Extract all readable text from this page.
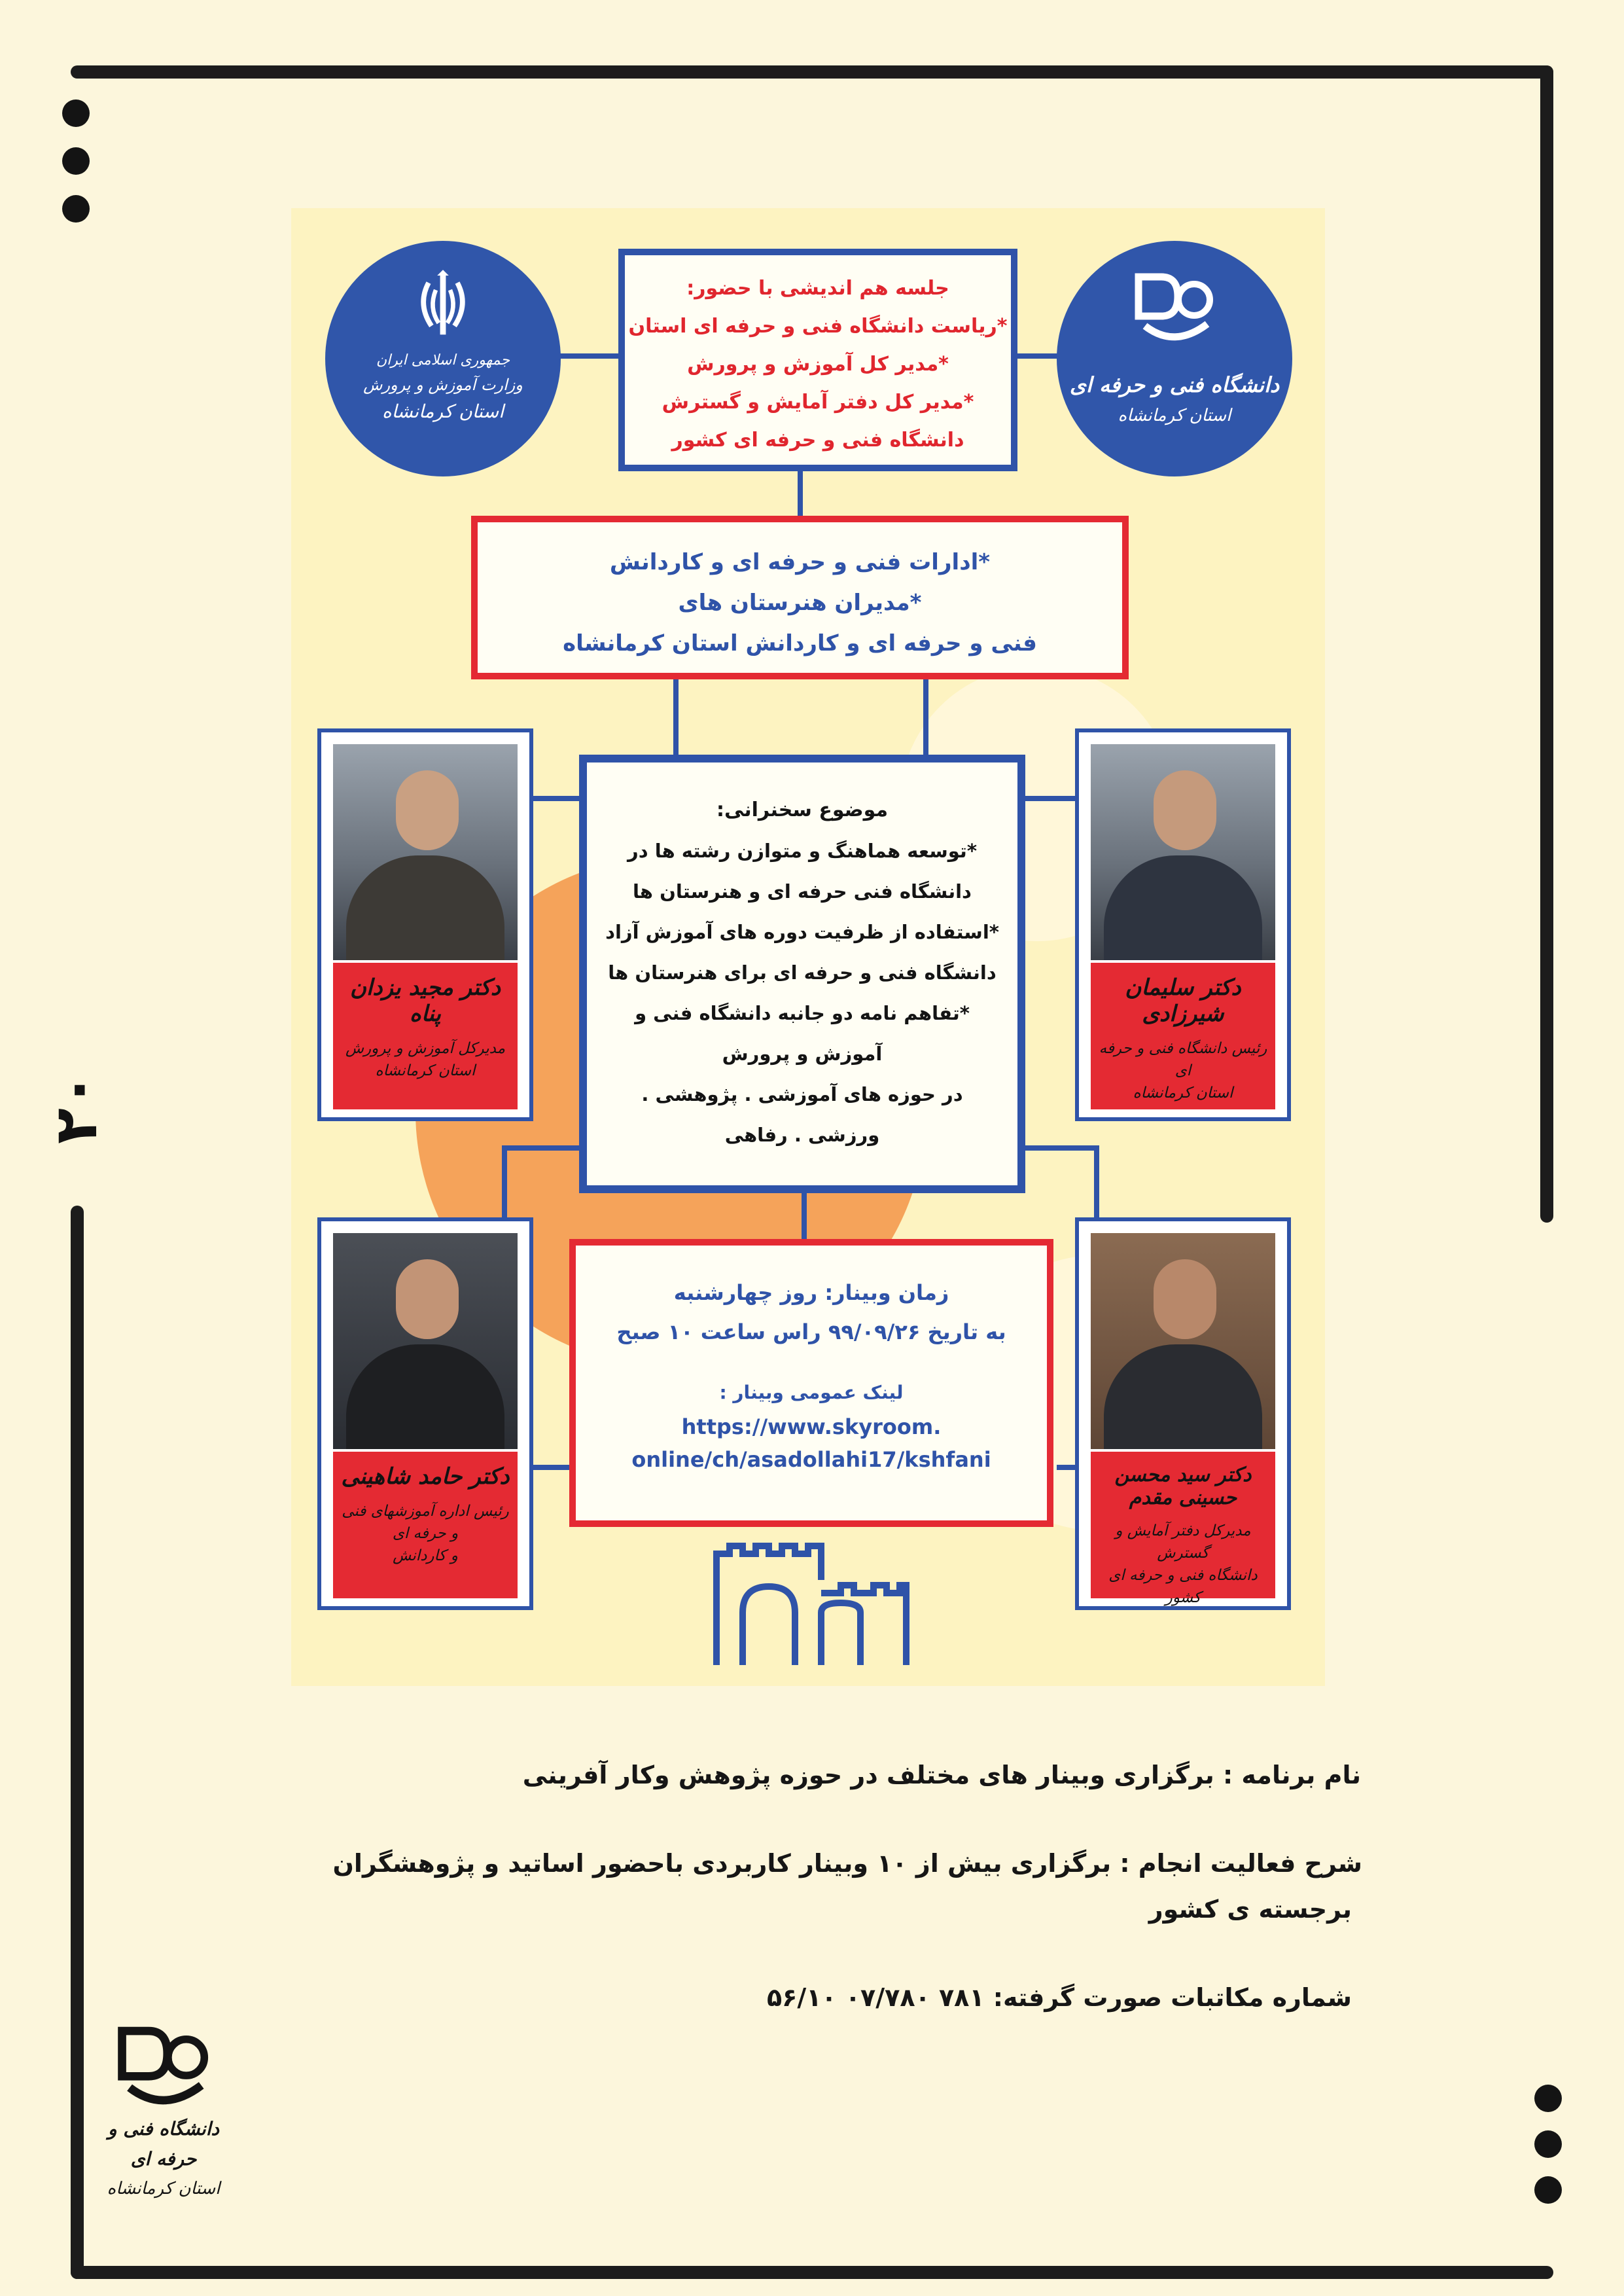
۲۰
جمهوری اسلامی ایران
وزارت آموزش و پرورش
استان کرمانشاه
دانشگاه فنی و حرفه ای
استان کرمانشاه
جلسه هم اندیشی با حضور:
*ریاست دانشگاه فنی و حرفه ای استان
*مدیر کل آموزش و پرورش
*مدیر کل دفتر آمایش و گسترش
دانشگاه فنی و حرفه ای کشور
*ادارات فنی و حرفه ای و کاردانش
*مدیران هنرستان های
فنی و حرفه ای و کاردانش استان کرمانشاه
موضوع سخنرانی:
*توسعه هماهنگ و متوازن رشته ها در
دانشگاه فنی حرفه ای و هنرستان ها
*استفاده از ظرفیت دوره های آموزش آزاد
دانشگاه فنی و حرفه ای برای هنرستان ها
*تفاهم نامه دو جانبه دانشگاه فنی و
آموزش و پرورش
در حوزه های آموزشی . پژوهشی .
ورزشی . رفاهی
زمان وبینار: روز چهارشنبه
به تاریخ ۹۹/۰۹/۲۶ راس ساعت ۱۰ صبح
لینک عمومی وبینار :
https://www.skyroom.
online/ch/asadollahi17/kshfani
دکتر مجید یزدان پناه
مدیرکل آموزش و پرورش
استان کرمانشاه
دکتر سلیمان شیرزادی
رئیس دانشگاه فنی و حرفه ای
استان کرمانشاه
دکتر حامد شاهینی
رئیس اداره آموزشهای فنی و حرفه ای
و کاردانش
دکتر سید محسن حسینی مقدم
مدیرکل دفتر آمایش و گسترش
دانشگاه فنی و حرفه ای کشور
نام برنامه : برگزاری وبینار های مختلف در حوزه پژوهش وکار آفرینی
شرح فعالیت انجام : برگزاری بیش از ۱۰ وبینار کاربردی باحضور اساتید و پژوهشگران
برجسته ی کشور
شماره مکاتبات صورت گرفته: ۷۸۱ ۰۷/۷۸۰ ۵۶/۱۰
دانشگاه فنی و حرفه ای
استان کرمانشاه
